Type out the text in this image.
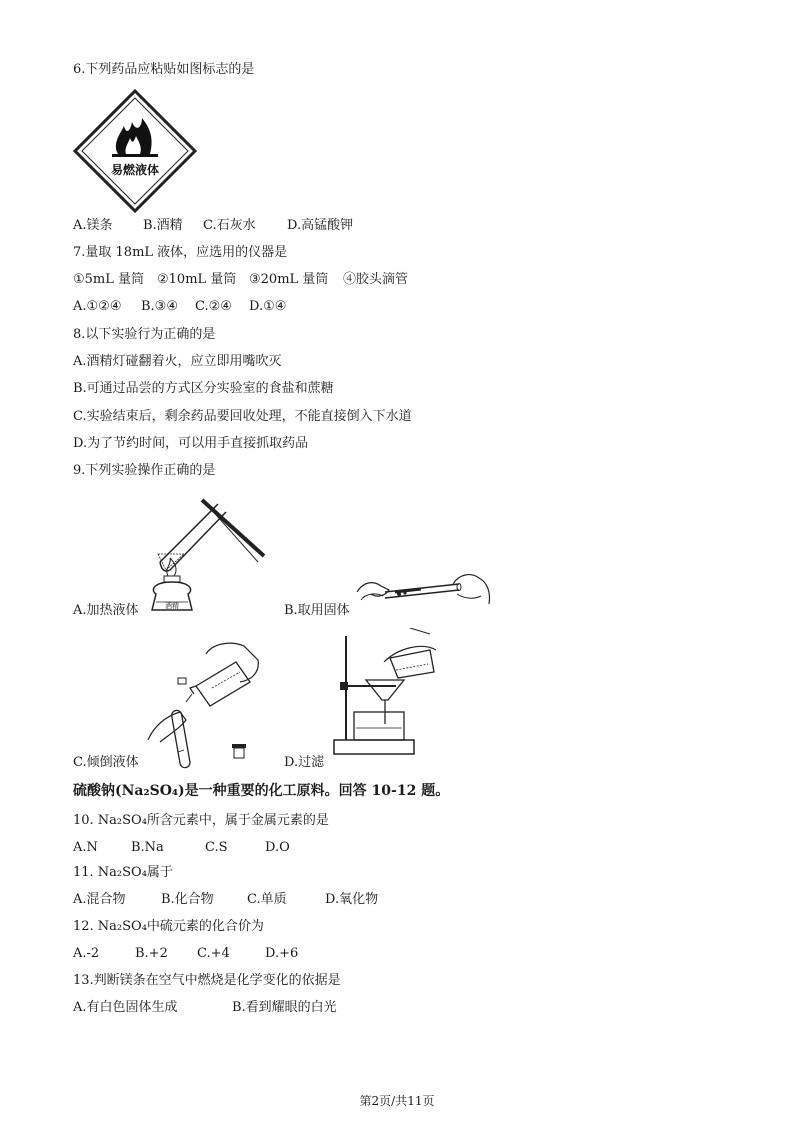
6.下列药品应粘贴如图标志的是
易燃液体
A.镁条 B.酒精 C.石灰水 D.高锰酸钾
7.量取 18mL 液体，应选用的仪器是
①5mL 量筒 ②10mL 量筒 ③20mL 量筒 ④胶头滴管
A.①②④ B.③④ C.②④ D.①④
8.以下实验行为正确的是
A.酒精灯碰翻着火，应立即用嘴吹灭
B.可通过品尝的方式区分实验室的食盐和蔗糖
C.实验结束后，剩余药品要回收处理，不能直接倒入下水道
D.为了节约时间，可以用手直接抓取药品
9.下列实验操作正确的是
酒精
A.加热液体	B.取用固体
C.倾倒液体	D.过滤
硫酸钠(Na₂SO₄)是一种重要的化工原料。回答 10-12 题。
10. Na₂SO₄所含元素中，属于金属元素的是
A.N	B.Na	C.S	D.O
11. Na₂SO₄属于
A.混合物	B.化合物	C.单质	D.氧化物
12. Na₂SO₄中硫元素的化合价为
A.-2	B.+2 C.+4	D.+6
13.判断镁条在空气中燃烧是化学变化的依据是
A.有白色固体生成	B.看到耀眼的白光
第2页/共11页
